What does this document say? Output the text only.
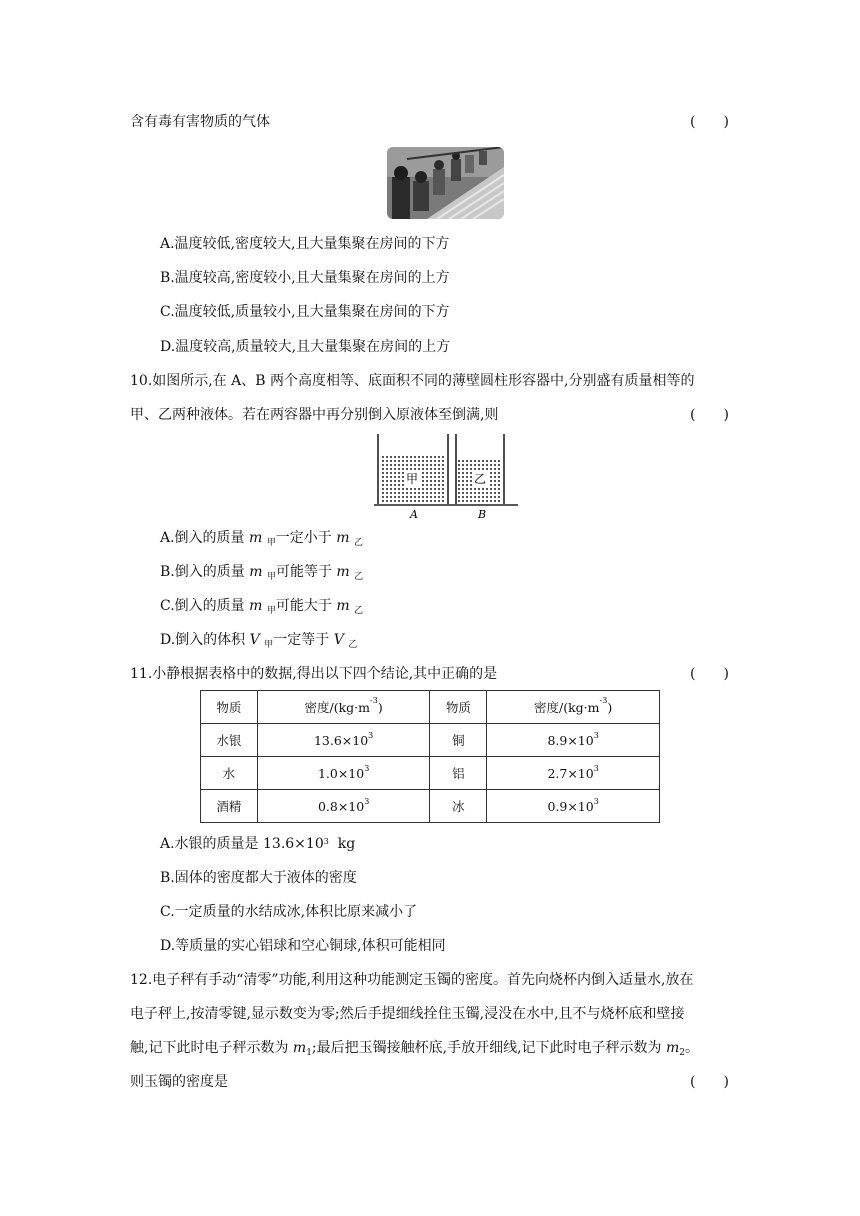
含有毒有害物质的气体	(　　)
A.温度较低,密度较大,且大量集聚在房间的下方
B.温度较高,密度较小,且大量集聚在房间的上方
C.温度较低,质量较小,且大量集聚在房间的下方
D.温度较高,质量较大,且大量集聚在房间的上方
10.如图所示,在 A、B 两个高度相等、底面积不同的薄壁圆柱形容器中,分别盛有质量相等的
甲、乙两种液体。若在两容器中再分别倒入原液体至倒满,则	(　　)
甲	乙
A	B
A.倒入的质量 m $_甲$一定小于 m $_乙$
B.倒入的质量 m $_甲$可能等于 m $_乙$
C.倒入的质量 m $_甲$可能大于 m $_乙$
D.倒入的体积 V $_甲$一定等于 V $_乙$
11.小静根据表格中的数据,得出以下四个结论,其中正确的是	(　　)
物质	密度$/(kg\cdot m^{-3})$	物质	密度$/(kg\cdot m^{-3})$
水银	$13.6\times 10^3$	铜	$8.9\times 10^3$
水	$1.0\times 10^3$	铝	$2.7\times 10^3$
酒精	$0.8\times 10^3$	冰	$0.9\times 10^3$
A.水银的质量是 $13.6\times 10^3$  kg
B.固体的密度都大于液体的密度
C.一定质量的水结成冰,体积比原来减小了
D.等质量的实心铝球和空心铜球,体积可能相同
12.电子秤有手动“清零”功能,利用这种功能测定玉镯的密度。首先向烧杯内倒入适量水,放在
电子秤上,按清零键,显示数变为零;然后手提细线拴住玉镯,浸没在水中,且不与烧杯底和壁接
触,记下此时电子秤示数为 $m_1$;最后把玉镯接触杯底,手放开细线,记下此时电子秤示数为 $m_2$。
则玉镯的密度是	(　　)
